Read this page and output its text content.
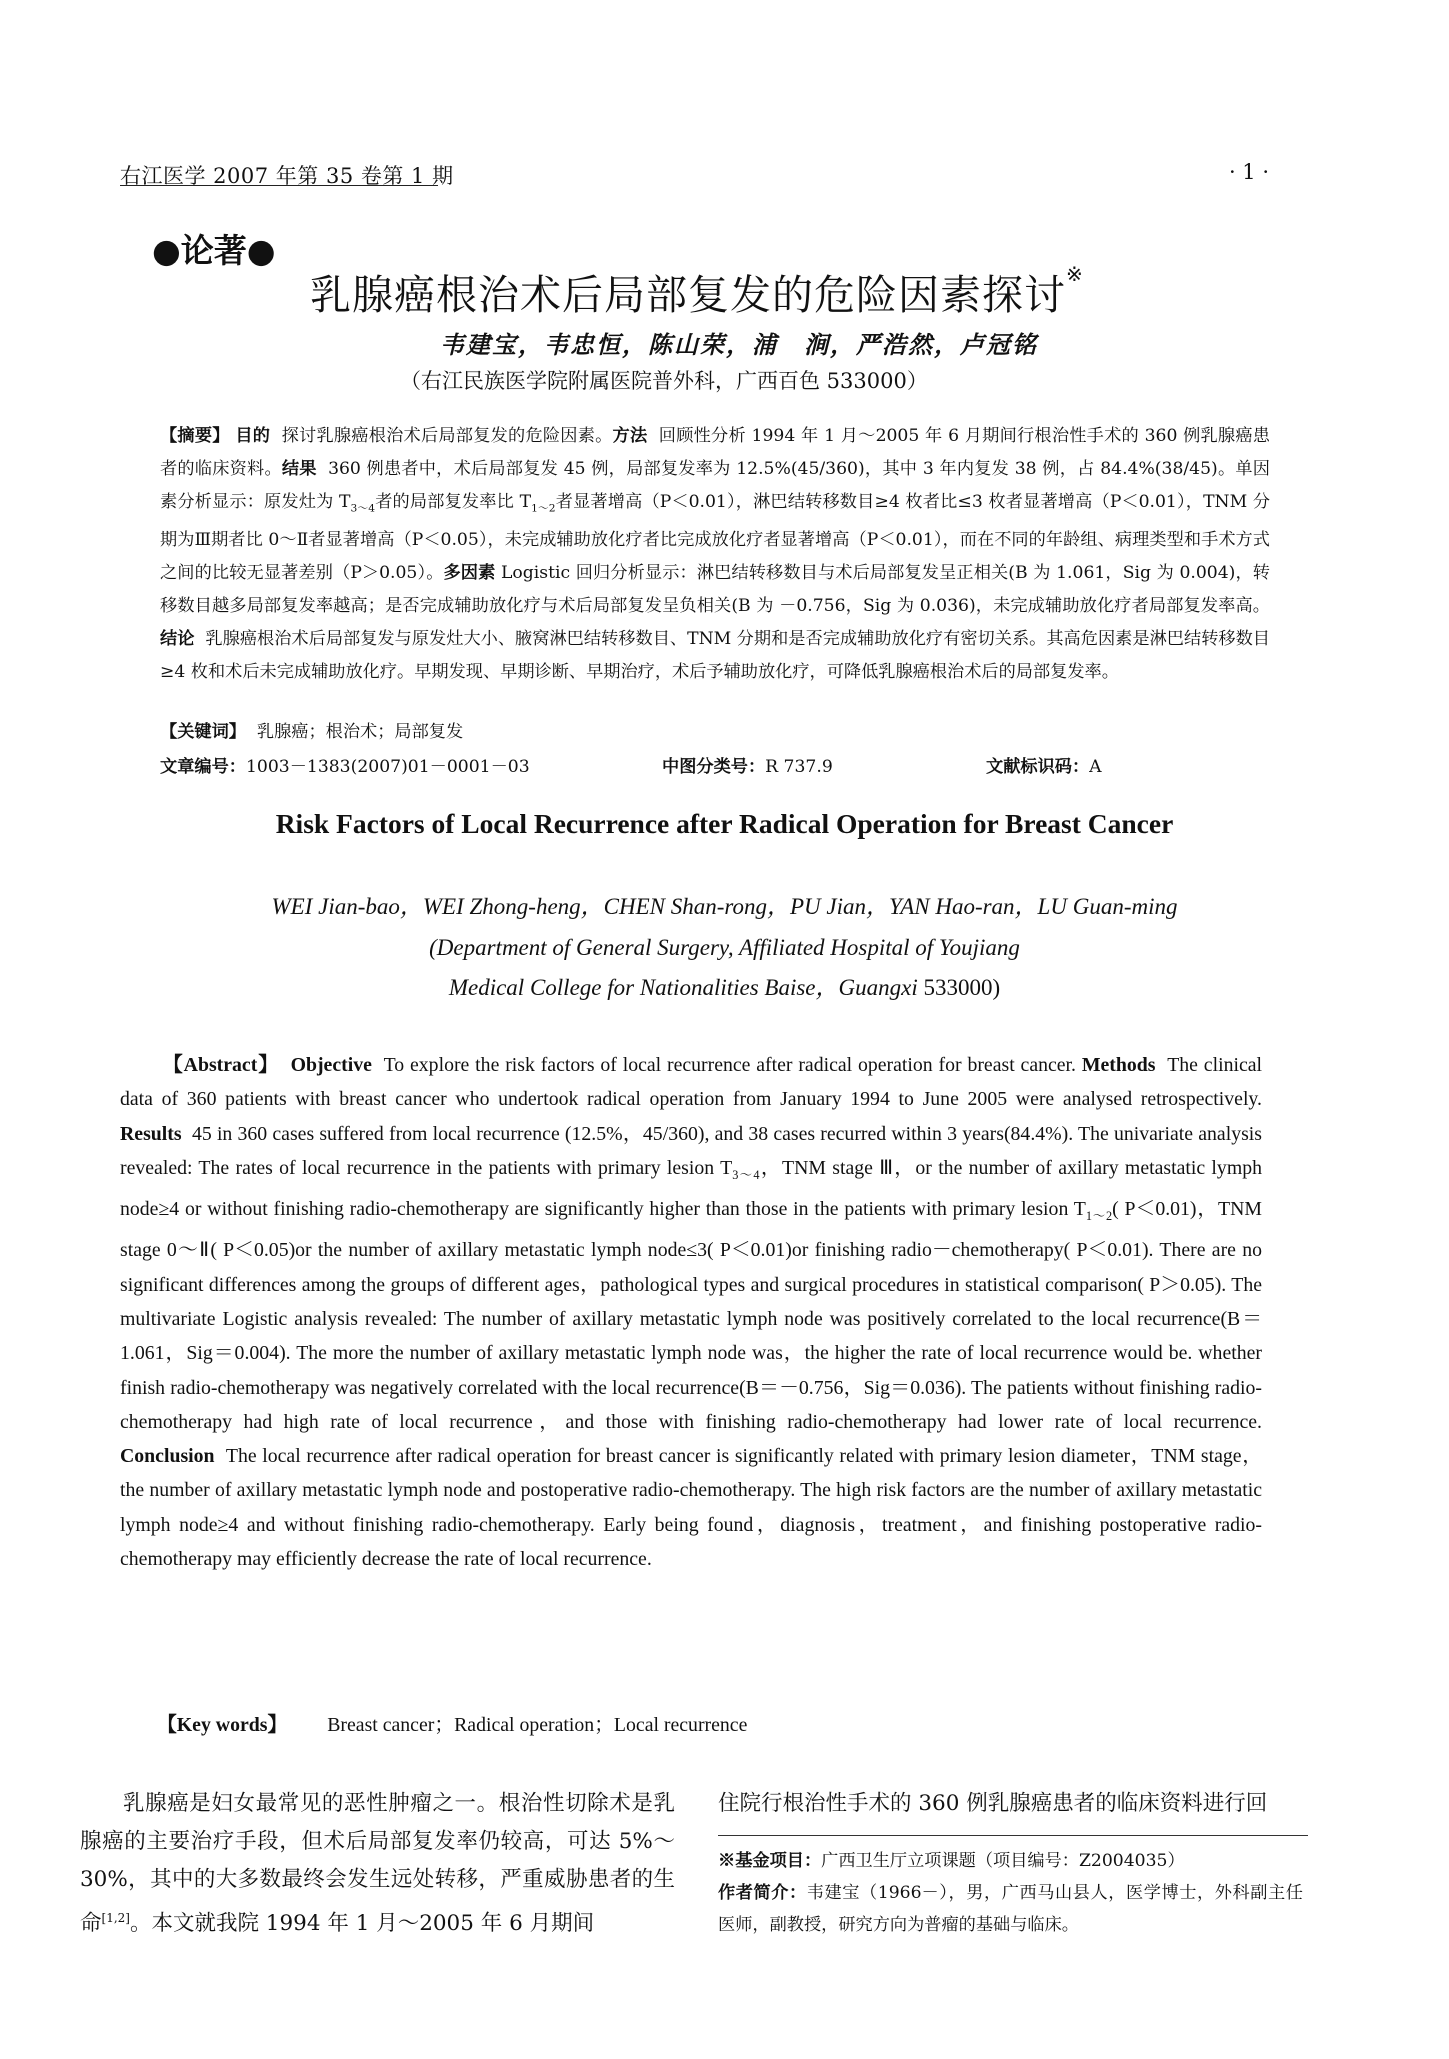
右江医学 2007 年第 35 卷第 1 期	· 1 ·
●论著●
乳腺癌根治术后局部复发的危险因素探讨※
韦建宝，韦忠恒，陈山荣，浦　涧，严浩然，卢冠铭
（右江民族医学院附属医院普外科，广西百色 533000）
【摘要】 目的 探讨乳腺癌根治术后局部复发的危险因素。方法 回顾性分析 1994 年 1 月～2005 年 6 月期间行根治性手术的 360 例乳腺癌患者的临床资料。结果 360 例患者中，术后局部复发 45 例，局部复发率为 12.5%(45/360)，其中 3 年内复发 38 例，占 84.4%(38/45)。单因素分析显示：原发灶为 $T_{3\sim 4}$者的局部复发率比 $T_{1\sim 2}$者显著增高（P＜0.01），淋巴结转移数目≥4 枚者比≤3 枚者显著增高（P＜0.01），TNM 分期为Ⅲ期者比 0～Ⅱ者显著增高（P＜0.05），未完成辅助放化疗者比完成放化疗者显著增高（P＜0.01），而在不同的年龄组、病理类型和手术方式之间的比较无显著差别（P＞0.05）。多因素 Logistic 回归分析显示：淋巴结转移数目与术后局部复发呈正相关(B 为 1.061，Sig 为 0.004)，转移数目越多局部复发率越高；是否完成辅助放化疗与术后局部复发呈负相关(B 为 －0.756，Sig 为 0.036)，未完成辅助放化疗者局部复发率高。结论 乳腺癌根治术后局部复发与原发灶大小、腋窝淋巴结转移数目、TNM 分期和是否完成辅助放化疗有密切关系。其高危因素是淋巴结转移数目≥4 枚和术后未完成辅助放化疗。早期发现、早期诊断、早期治疗，术后予辅助放化疗，可降低乳腺癌根治术后的局部复发率。
【关键词】 乳腺癌；根治术；局部复发
文章编号：1003－1383(2007)01－0001－03	中图分类号：R 737.9	文献标识码：A
Risk Factors of Local Recurrence after Radical Operation for Breast Cancer
WEI Jian-bao，WEI Zhong-heng，CHEN Shan-rong，PU Jian，YAN Hao-ran，LU Guan-ming
(Department of General Surgery, Affiliated Hospital of Youjiang
Medical College for Nationalities Baise，Guangxi 533000)
【Abstract】 Objective To explore the risk factors of local recurrence after radical operation for breast cancer. Methods The clinical data of 360 patients with breast cancer who undertook radical operation from January 1994 to June 2005 were analysed retrospectively. Results 45 in 360 cases suffered from local recurrence (12.5%，45/360), and 38 cases recurred within 3 years(84.4%). The univariate analysis revealed: The rates of local recurrence in the patients with primary lesion $T_{3\sim 4}$，TNM stage Ⅲ，or the number of axillary metastatic lymph node≥4 or without finishing radio-chemotherapy are significantly higher than those in the patients with primary lesion $T_{1\sim 2}$( P＜0.01)，TNM stage 0～Ⅱ( P＜0.05)or the number of axillary metastatic lymph node≤3( P＜0.01)or finishing radio－chemotherapy( P＜0.01). There are no significant differences among the groups of different ages，pathological types and surgical procedures in statistical comparison( P＞0.05). The multivariate Logistic analysis revealed: The number of axillary metastatic lymph node was positively correlated to the local recurrence(B＝1.061，Sig＝0.004). The more the number of axillary metastatic lymph node was，the higher the rate of local recurrence would be. whether finish radio-chemotherapy was negatively correlated with the local recurrence(B＝－0.756，Sig＝0.036). The patients without finishing radio-chemotherapy had high rate of local recurrence，and those with finishing radio-chemotherapy had lower rate of local recurrence. Conclusion The local recurrence after radical operation for breast cancer is significantly related with primary lesion diameter，TNM stage，the number of axillary metastatic lymph node and postoperative radio-chemotherapy. The high risk factors are the number of axillary metastatic lymph node≥4 and without finishing radio-chemotherapy. Early being found，diagnosis，treatment，and finishing postoperative radio-chemotherapy may efficiently decrease the rate of local recurrence.
【Key words】 Breast cancer；Radical operation；Local recurrence
乳腺癌是妇女最常见的恶性肿瘤之一。根治性切除术是乳腺癌的主要治疗手段，但术后局部复发率仍较高，可达 5%～30%，其中的大多数最终会发生远处转移，严重威胁患者的生命[1,2]。本文就我院 1994 年 1 月～2005 年 6 月期间
住院行根治性手术的 360 例乳腺癌患者的临床资料进行回

※基金项目：广西卫生厅立项课题（项目编号：Z2004035）

作者简介：韦建宝（1966－），男，广西马山县人，医学博士，外科副主任医师，副教授，研究方向为普瘤的基础与临床。
